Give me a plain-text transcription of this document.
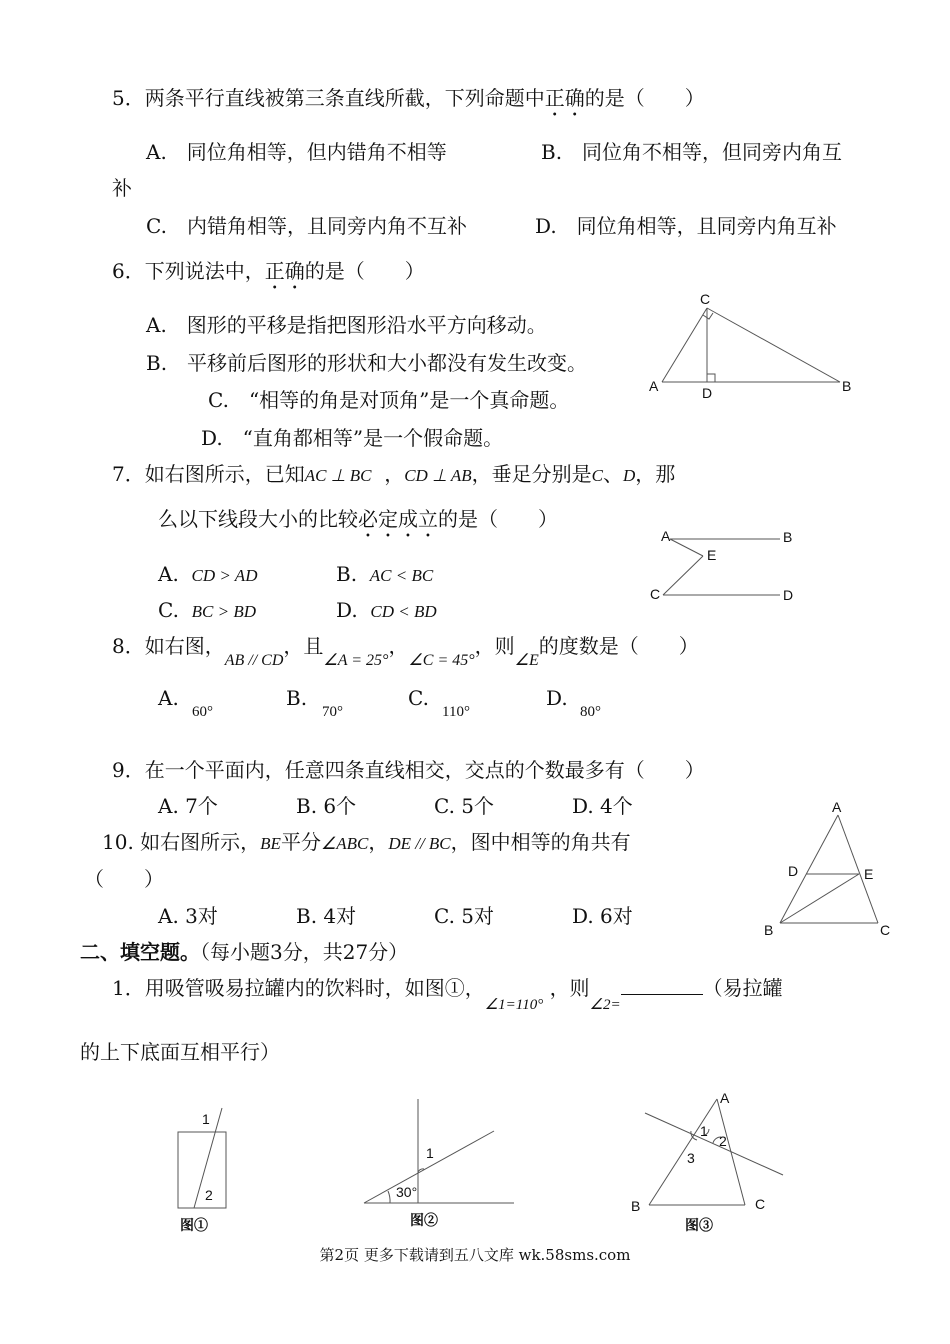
5．两条平行直线被第三条直线所截，下列命题中正确的是（　　）
A.　同位角相等，但内错角不相等	B.　同位角不相等，但同旁内角互
补
C.　内错角相等，且同旁内角不互补	D.　同位角相等，且同旁内角互补
6．下列说法中，正确的是（　　）
A.　图形的平移是指把图形沿水平方向移动。
B.　平移前后图形的形状和大小都没有发生改变。
C.　“相等的角是对顶角”是一个真命题。
D.　“直角都相等”是一个假命题。
C
A	D	B
7．如右图所示，已知AC ⊥ BC ，CD ⊥ AB，垂足分别是C、D，那
么以下线段大小的比较必定成立的是（　　）
A. CD > AD	B. AC < BC
C. BC > BD	D. CD < BD
A	B
E
C	D
8．如右图，$_{AB // CD}$，且$_{\angle A = 25^\circ}$，$_{\angle C = 45^\circ}$，则$_{\angle E}$的度数是（　　）
A.
60°
B.
70°
C.
110°
D.
80°
9．在一个平面内，任意四条直线相交，交点的个数最多有（　　）
A. 7个	B. 6个	C. 5个	D. 4个
10. 如右图所示，BE平分∠ABC，DE // BC，图中相等的角共有
（　　）
A. 3对	B. 4对	C. 5对	D. 6对
A
D	E
B	C
二、填空题。（每小题3分，共27分）
1．用吸管吸易拉罐内的饮料时，如图①，$_{\angle 1=110^\circ}$ ，则$_{\angle 2=}$（易拉罐
的上下底面互相平行）
1
2
图①
1
30°
图②
A
1
2
3
B	C
图③
第2页 更多下载请到五八文库 wk.58sms.com
